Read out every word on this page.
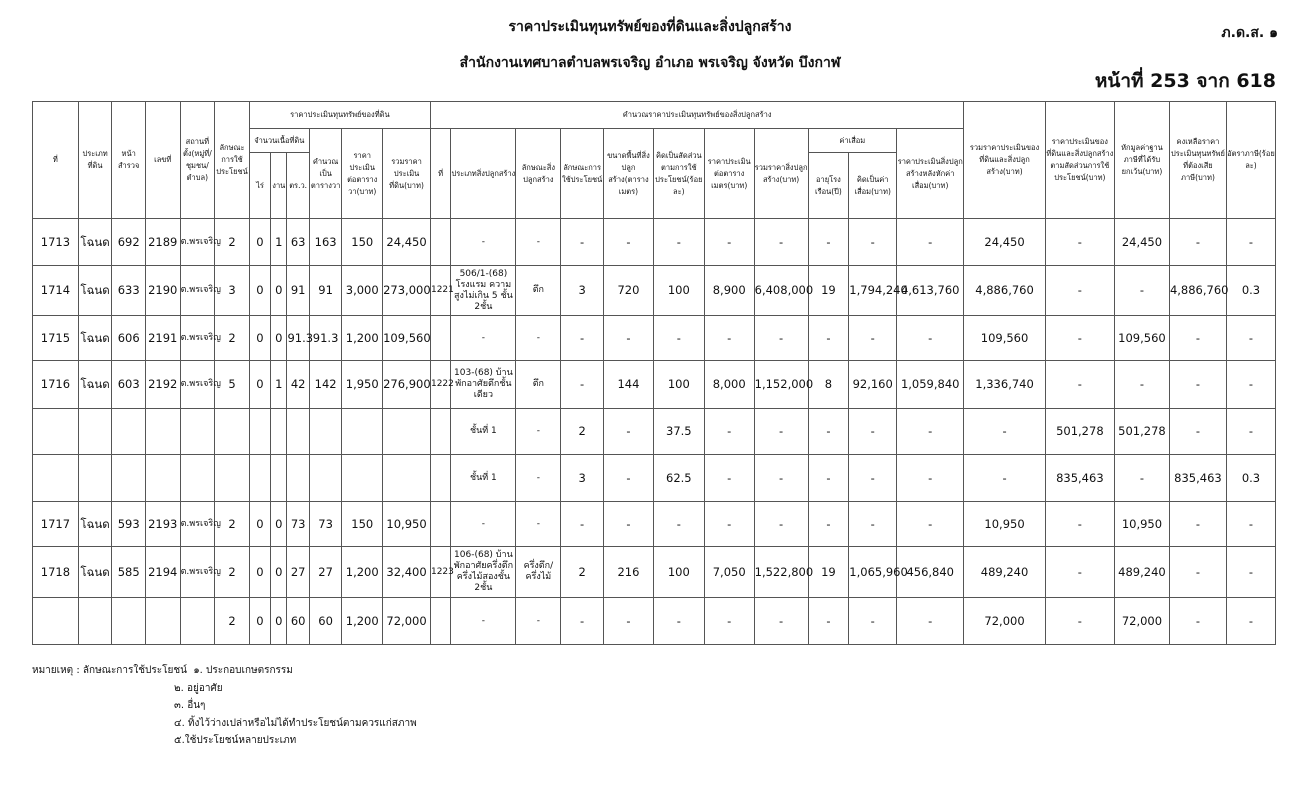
ราคาประเมินทุนทรัพย์ของที่ดินและสิ่งปลูกสร้าง	ภ.ด.ส. ๑
สำนักงานเทศบาลตำบลพรเจริญ อำเภอ พรเจริญ จังหวัด บึงกาฬ
หน้าที่ 253 จาก 618
ที่	ประเภทที่ดิน	หน้าสำรวจ	เลขที่	สถานที่ตั้ง(หมู่ที่/ชุมชน/ตำบล)	ลักษณะการใช้ประโยชน์	ราคาประเมินทุนทรัพย์ของที่ดิน						คำนวณราคาประเมินทุนทรัพย์ของสิ่งปลูกสร้าง											รวมราคาประเมินของที่ดินและสิ่งปลูกสร้าง(บาท)	ราคาประเมินของที่ดินและสิ่งปลูกสร้างตามสัดส่วนการใช้ประโยชน์(บาท)	หักมูลค่าฐานภาษีที่ได้รับยกเว้น(บาท)	คงเหลือราคาประเมินทุนทรัพย์ที่ต้องเสียภาษี(บาท)	อัตราภาษี(ร้อยละ)
						จำนวนเนื้อที่ดิน			คำนวณเป็นตารางวา	ราคาประเมินต่อตารางวา(บาท)	รวมราคาประเมินที่ดิน(บาท)	ที่	ประเภทสิ่งปลูกสร้าง	ลักษณะสิ่งปลูกสร้าง	ลักษณะการใช้ประโยชน์	ขนาดพื้นที่สิ่งปลูกสร้าง(ตารางเมตร)	คิดเป็นสัดส่วนตามการใช้ประโยชน์(ร้อยละ)	ราคาประเมินต่อตารางเมตร(บาท)	รวมราคาสิ่งปลูกสร้าง(บาท)	ค่าเสื่อม		ราคาประเมินสิ่งปลูกสร้างหลังหักค่าเสื่อม(บาท)					
						ไร่	งาน	ตร.ว.												อายุโรงเรือน(ปี)	คิดเป็นค่าเสื่อม(บาท)						
1713	โฉนด	692	2189	ต.พรเจริญ	2	0	1	63	163	150	24,450		-	-	-	-	-	-	-	-	-	-	24,450	-	24,450	-	-
1714	โฉนด	633	2190	ต.พรเจริญ	3	0	0	91	91	3,000	273,000	1221	506/1-(68) โรงแรม ความสูงไม่เกิน 5 ชั้น 2ชั้น	ตึก	3	720	100	8,900	6,408,000	19	1,794,240	4,613,760	4,886,760	-	-	4,886,760	0.3
1715	โฉนด	606	2191	ต.พรเจริญ	2	0	0	91.3	91.3	1,200	109,560		-	-	-	-	-	-	-	-	-	-	109,560	-	109,560	-	-
1716	โฉนด	603	2192	ต.พรเจริญ	5	0	1	42	142	1,950	276,900	1222	103-(68) บ้านพักอาศัยตึกชั้นเดียว	ตึก	-	144	100	8,000	1,152,000	8	92,160	1,059,840	1,336,740	-	-	-	-
													ชั้นที่ 1	-	2	-	37.5	-	-	-	-	-	-	501,278	501,278	-	-
													ชั้นที่ 1	-	3	-	62.5	-	-	-	-	-	-	835,463	-	835,463	0.3
1717	โฉนด	593	2193	ต.พรเจริญ	2	0	0	73	73	150	10,950		-	-	-	-	-	-	-	-	-	-	10,950	-	10,950	-	-
1718	โฉนด	585	2194	ต.พรเจริญ	2	0	0	27	27	1,200	32,400	1223	106-(68) บ้านพักอาศัยครึ่งตึกครึ่งไม้สองชั้น 2ชั้น	ครึ่งตึก/ครึ่งไม้	2	216	100	7,050	1,522,800	19	1,065,960	456,840	489,240	-	489,240	-	-
					2	0	0	60	60	1,200	72,000		-	-	-	-	-	-	-	-	-	-	72,000	-	72,000	-	-
หมายเหตุ : ลักษณะการใช้ประโยชน์ ๑. ประกอบเกษตรกรรม
๒. อยู่อาศัย
๓. อื่นๆ
๔. ทิ้งไว้ว่างเปล่าหรือไม่ได้ทำประโยชน์ตามควรแก่สภาพ
๕.ใช้ประโยชน์หลายประเภท
